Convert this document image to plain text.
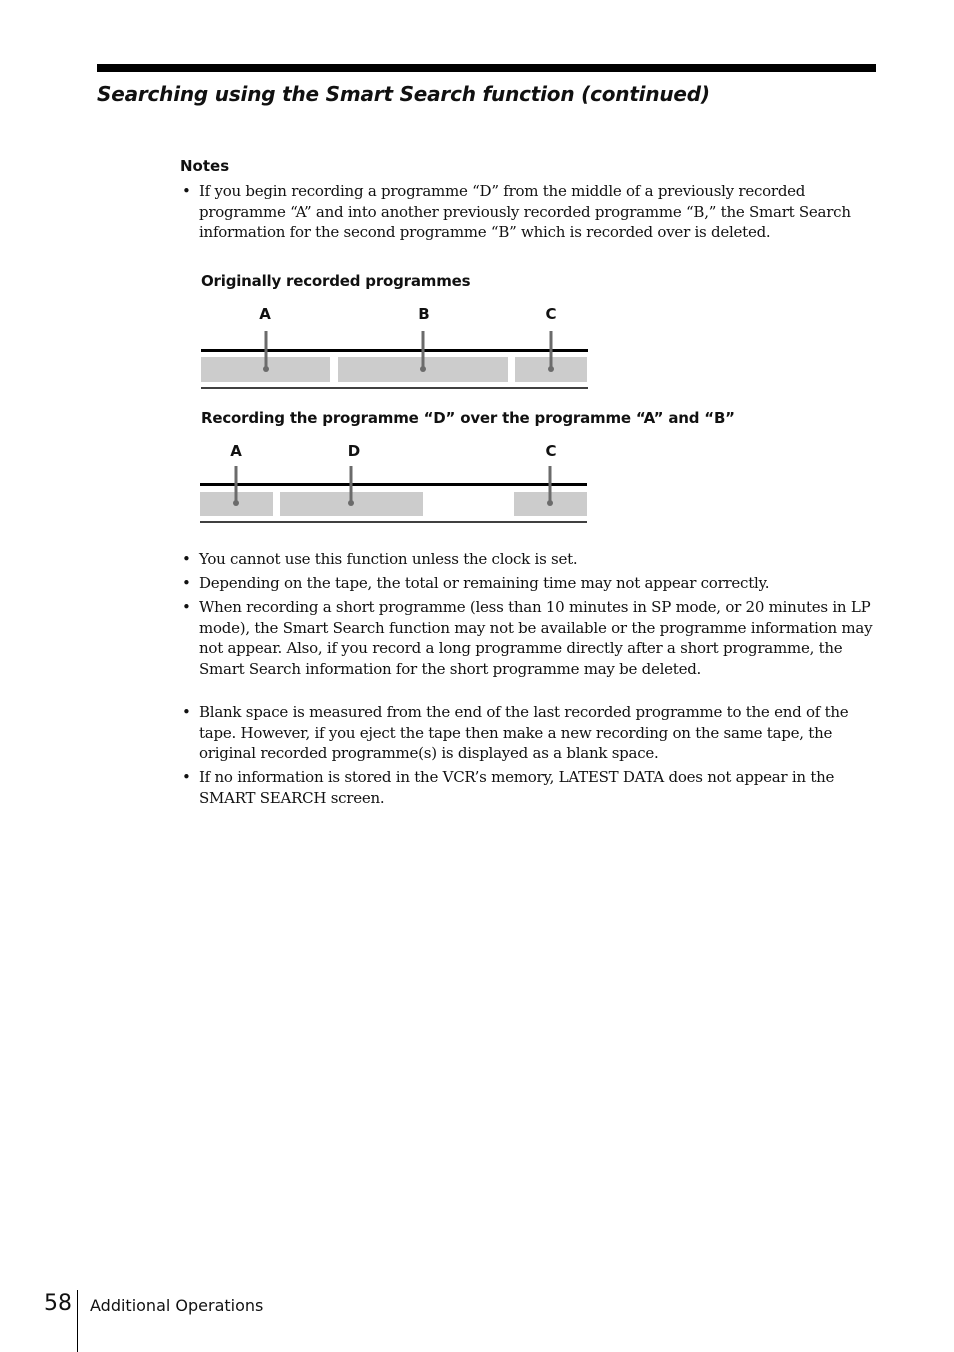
Searching using the Smart Search function (continued)
Notes
• If you begin recording a programme “D” from the middle of a previously recorded programme “A” and into another previously recorded programme “B,” the Smart Search information for the second programme “B” which is recorded over is deleted.
Originally recorded programmes
A	B	C
Recording the programme “D” over the programme “A” and “B”
A	D	C
• You cannot use this function unless the clock is set.
• Depending on the tape, the total or remaining time may not appear correctly.
• When recording a short programme (less than 10 minutes in SP mode, or 20 minutes in LP mode), the Smart Search function may not be available or the programme information may not appear. Also, if you record a long programme directly after a short programme, the Smart Search information for the short programme may be deleted.
• Blank space is measured from the end of the last recorded programme to the end of the tape. However, if you eject the tape then make a new recording on the same tape, the original recorded programme(s) is displayed as a blank space.
• If no information is stored in the VCR’s memory, LATEST DATA does not appear in the SMART SEARCH screen.
58 Additional Operations
